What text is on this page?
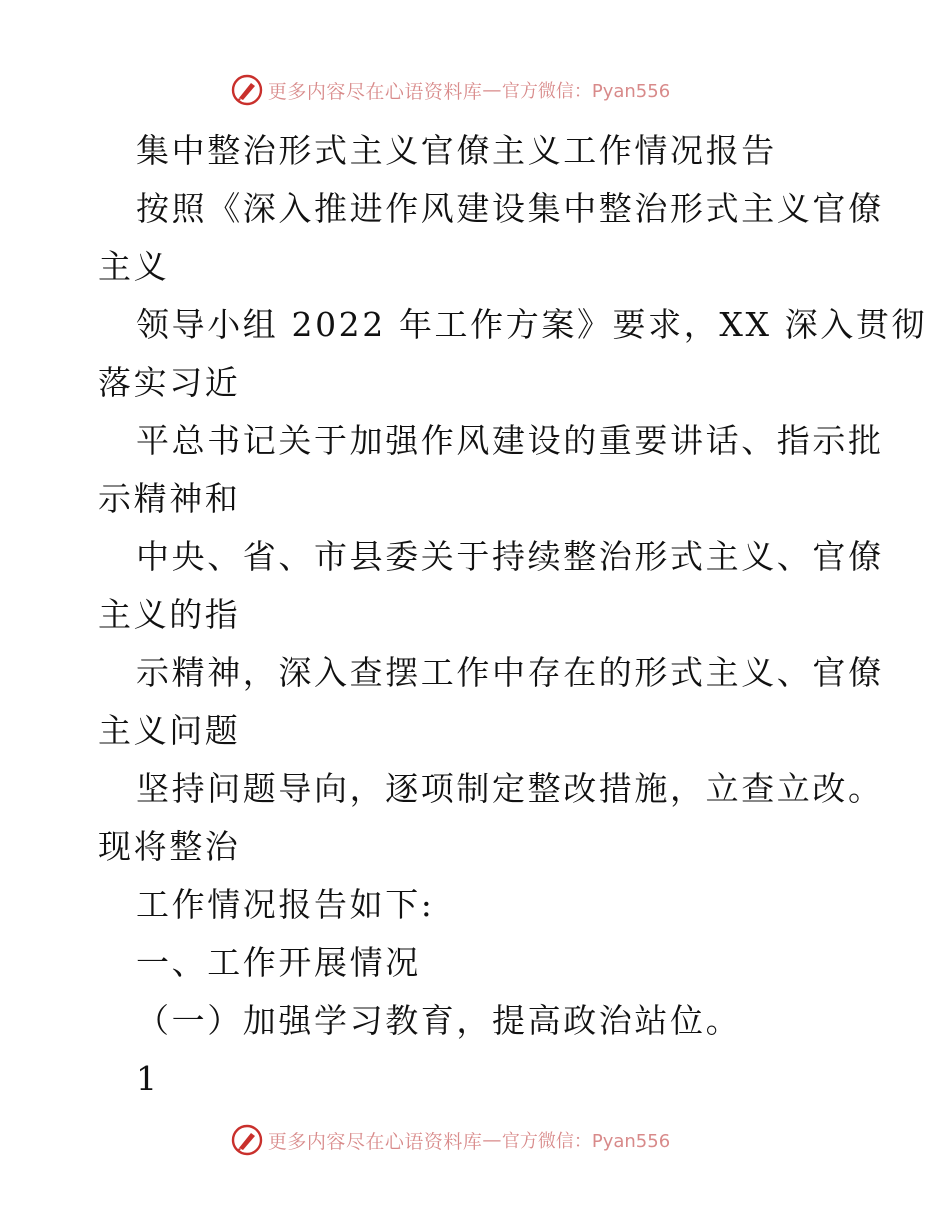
更多内容尽在心语资料库 — 官方微信：Pyan556
集中整治形式主义官僚主义工作情况报告
按照《深入推进作风建设集中整治形式主义官僚
主义
领导小组 2022 年工作方案》要求，XX 深入贯彻
落实习近
平总书记关于加强作风建设的重要讲话、指示批
示精神和
中央、省、市县委关于持续整治形式主义、官僚
主义的指
示精神，深入查摆工作中存在的形式主义、官僚
主义问题
坚持问题导向，逐项制定整改措施，立查立改。
现将整治
工作情况报告如下:
一、工作开展情况
（一）加强学习教育，提高政治站位。
1
更多内容尽在心语资料库 — 官方微信：Pyan556
